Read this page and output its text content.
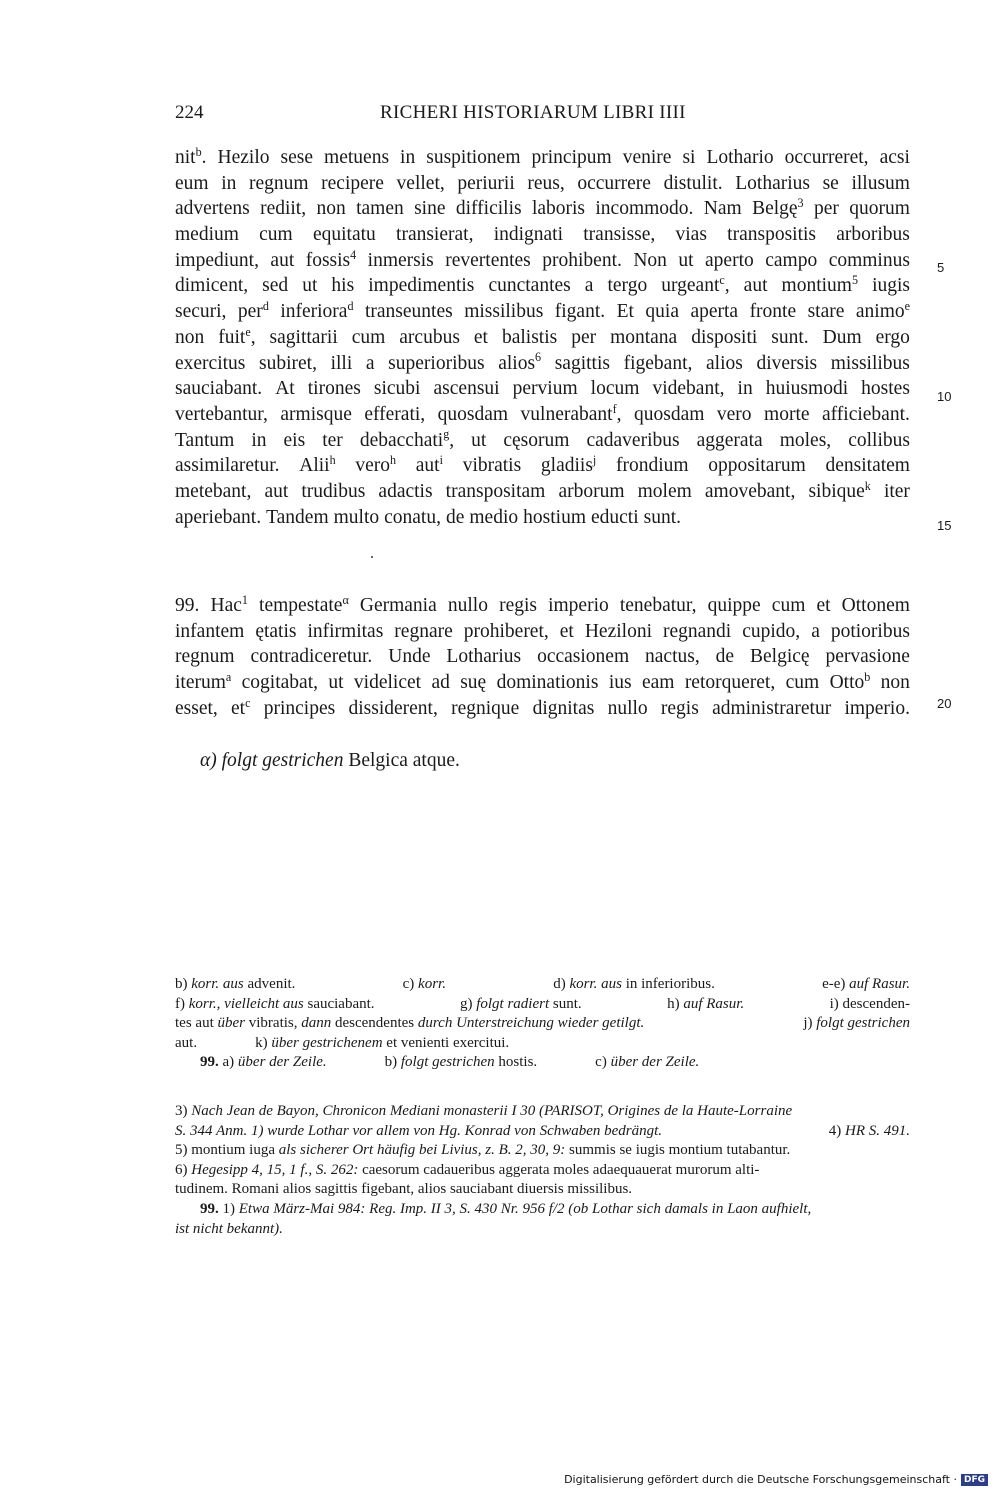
224	RICHERI HISTORIARUM LIBRI IIII
nit$^b$. Hezilo sese metuens in suspitionem principum venire si Lothario occurreret, acsi
eum in regnum recipere vellet, periurii reus, occurrere distulit. Lotharius se illusum
advertens rediit, non tamen sine difficilis laboris incommodo. Nam Belgę$^3$ per quorum
medium cum equitatu transierat, indignati transisse, vias transpositis arboribus
impediunt, aut fossis$^4$ inmersis revertentes prohibent. Non ut aperto campo comminus
dimicent, sed ut his impedimentis cunctantes a tergo urgeant$^c$, aut montium$^5$ iugis
securi, per$^d$ inferiora$^d$ transeuntes missilibus figant. Et quia aperta fronte stare animo$^e$
non fuit$^e$, sagittarii cum arcubus et balistis per montana dispositi sunt. Dum ergo
exercitus subiret, illi a superioribus alios$^6$ sagittis figebant, alios diversis missilibus
sauciabant. At tirones sicubi ascensui pervium locum videbant, in huiusmodi hostes
vertebantur, armisque efferati, quosdam vulnerabant$^f$, quosdam vero morte afficiebant.
Tantum in eis ter debacchati$^g$, ut cęsorum cadaveribus aggerata moles, collibus
assimilaretur. Alii$^h$ vero$^h$ aut$^i$ vibratis gladiis$^j$ frondium oppositarum densitatem
metebant, aut trudibus adactis transpositam arborum molem amovebant, sibique$^k$ iter
aperiebant. Tandem multo conatu, de medio hostium educti sunt.
99. Hac$^1$ tempestate$^\alpha$ Germania nullo regis imperio tenebatur, quippe cum et Ottonem
infantem ętatis infirmitas regnare prohiberet, et Heziloni regnandi cupido, a potioribus
regnum contradiceretur. Unde Lotharius occasionem nactus, de Belgicę pervasione
iterum$^a$ cogitabat, ut videlicet ad suę dominationis ius eam retorqueret, cum Otto$^b$ non
esset, $et^c$ principes dissiderent, regnique dignitas nullo regis administraretur imperio.
5
10
15
20
α) folgt gestrichen Belgica atque.
b) korr. aus advenit.	c) korr.	d) korr. aus in inferioribus.	e-e) auf Rasur.
f) korr., vielleicht aus sauciabant.	g) folgt radiert sunt.	h) auf Rasur.	i) descenden-
tes aut über vibratis, dann descendentes durch Unterstreichung wieder getilgt.	j) folgt gestrichen
aut.	k) über gestrichenem et venienti exercitui.
99. a) über der Zeile.	b) folgt gestrichen hostis.	c) über der Zeile.
3) Nach Jean de Bayon, Chronicon Mediani monasterii I 30 (PARISOT, Origines de la Haute-Lorraine
S. 344 Anm. 1) wurde Lothar vor allem von Hg. Konrad von Schwaben bedrängt.	4) HR S. 491.
5) montium iuga als sicherer Ort häufig bei Livius, z. B. 2, 30, 9: summis se iugis montium tutabantur.
6) Hegesipp 4, 15, 1 f., S. 262: caesorum cadaueribus aggerata moles adaequauerat murorum alti-
tudinem. Romani alios sagittis figebant, alios sauciabant diuersis missilibus.
99. 1) Etwa März-Mai 984: Reg. Imp. II 3, S. 430 Nr. 956 f/2 (ob Lothar sich damals in Laon aufhielt,
ist nicht bekannt).
Digitalisierung gefördert durch die Deutsche Forschungsgemeinschaft · DFG
